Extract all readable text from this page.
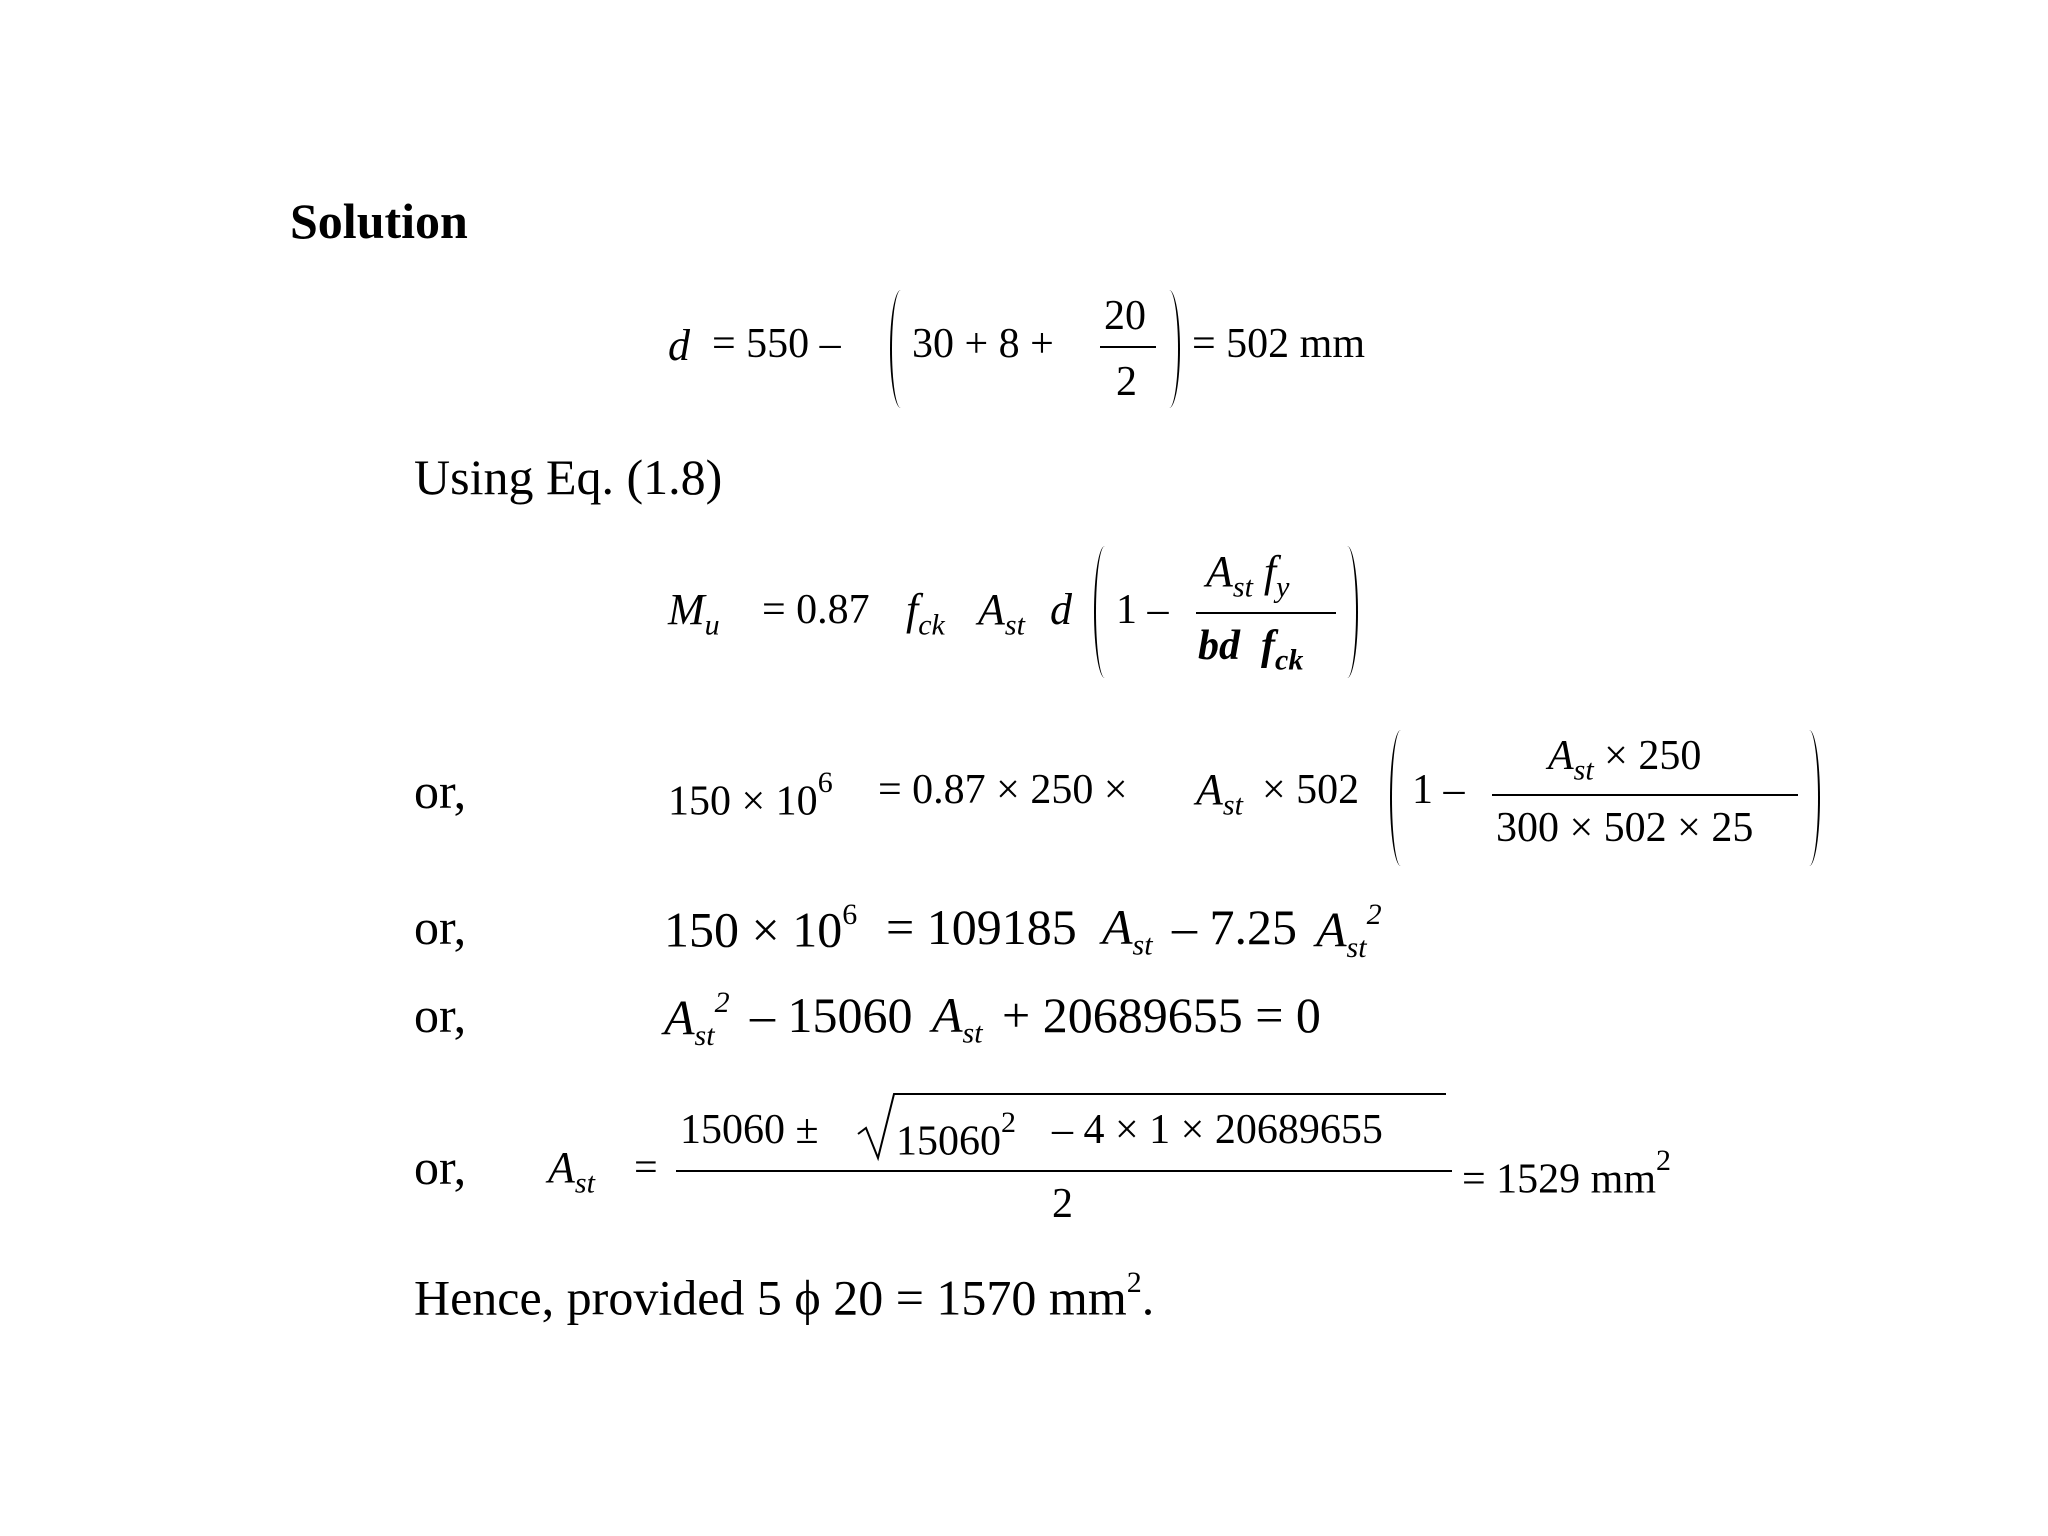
Solution
d = 550 – 30 + 8 +
20
2
= 502 mm
Using Eq. (1.8)
$M_u = 0.87$ $f_{ck}$ $A_{st}$ d 1 –
$A_{st}$ $f_y$
bd $f_{ck}$
or,	$150 \times 10^6 = 0.87 \times 250 \times A_{st} \times 502$ 1 –
$A_{st} \times 250$
300 × 502 × 25
or,	$150 \times 10^6 = 109185$ $A_{st} - 7.25$ $A_{st}^2$
or,	$A_{st}^2 - 15060$ $A_{st} + 20689655 = 0$
or, $A_{st}$ =
$15060 \pm 15060^2 - 4 \times 1 \times 20689655$
2
= 1529 $mm^2$
Hence, provided 5 ϕ 20 = 1570 $mm^2$.
